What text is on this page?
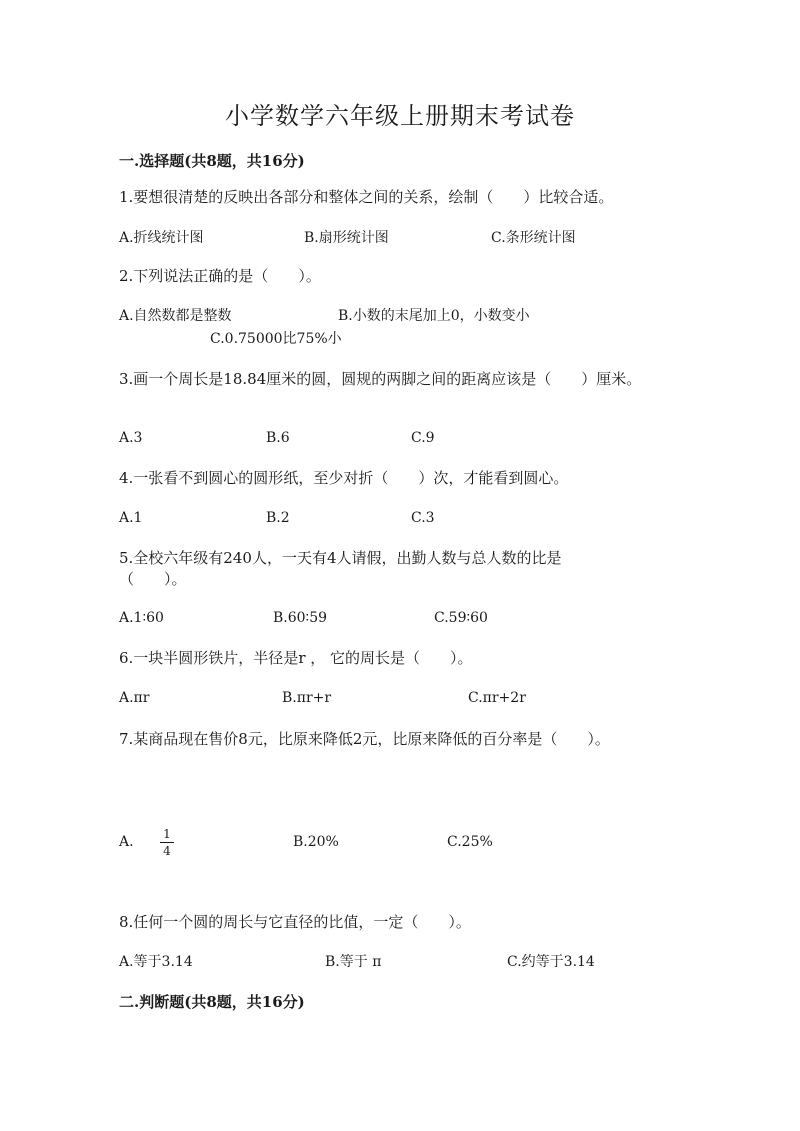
小学数学六年级上册期末考试卷
一.选择题(共8题，共16分)
1.要想很清楚的反映出各部分和整体之间的关系，绘制（　　）比较合适。
A.折线统计图	B.扇形统计图	C.条形统计图
2.下列说法正确的是（　　）。
A.自然数都是整数	B.小数的末尾加上0，小数变小
C.0.75000比75%小
3.画一个周长是18.84厘米的圆，圆规的两脚之间的距离应该是（　　）厘米。
A.3	B.6	C.9
4.一张看不到圆心的圆形纸，至少对折（　　）次，才能看到圆心。
A.1	B.2	C.3
5.全校六年级有240人，一天有4人请假，出勤人数与总人数的比是（　　）。
A.1∶60	B.60∶59	C.59∶60
6.一块半圆形铁片，半径是r ， 它的周长是（　　）。
A.πr	B.πr+r	C.πr+2r
7.某商品现在售价8元，比原来降低2元，比原来降低的百分率是（　　）。
A. 1
4
B.20%	C.25%
8.任何一个圆的周长与它直径的比值，一定（　　）。
A.等于3.14	B.等于 π	C.约等于3.14
二.判断题(共8题，共16分)
